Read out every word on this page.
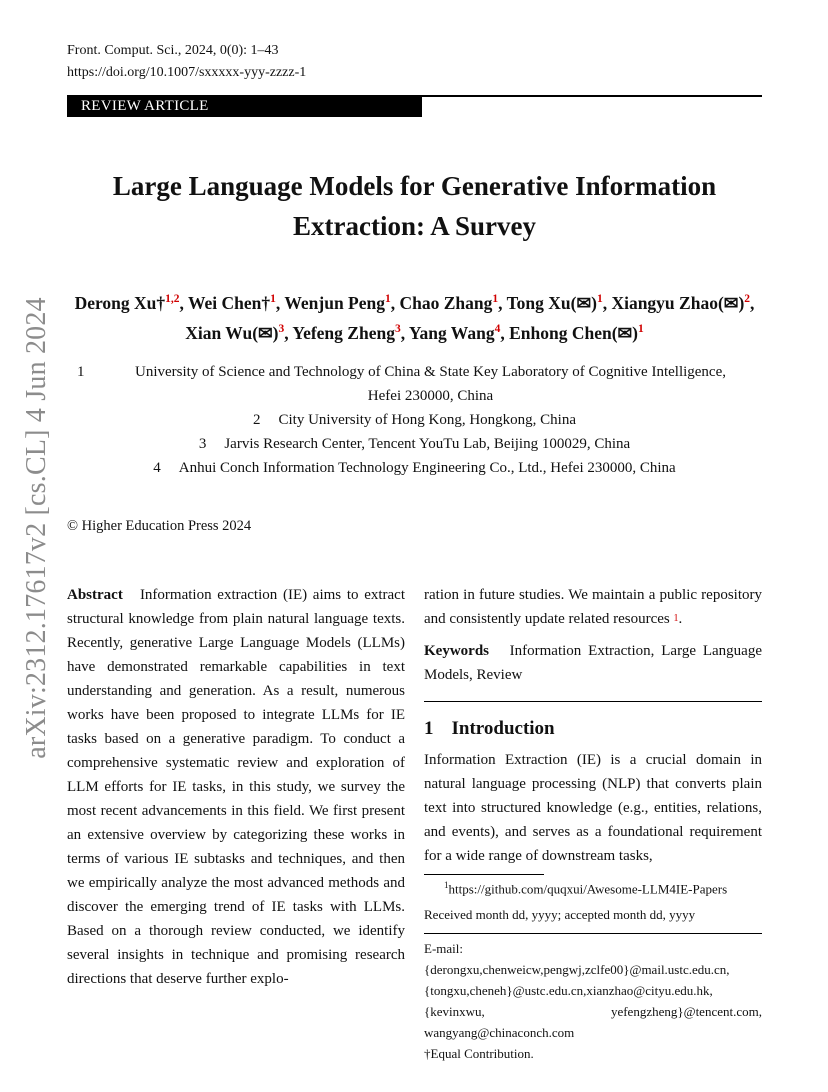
arXiv:2312.17617v2 [cs.CL] 4 Jun 2024
Front. Comput. Sci., 2024, 0(0): 1–43
https://doi.org/10.1007/sxxxxx-yyy-zzzz-1
REVIEW ARTICLE
Large Language Models for Generative Information
Extraction: A Survey
Derong Xu†$^{1,2}$, Wei Chen†$^1$, Wenjun Peng$^1$, Chao Zhang$^1$, Tong Xu(✉)$^1$, Xiangyu Zhao(✉)$^2$, Xian Wu(✉)$^3$, Yefeng Zheng$^3$, Yang Wang$^4$, Enhong Chen(✉)$^1$
1	University of Science and Technology of China & State Key Laboratory of Cognitive Intelligence,
Hefei 230000, China
2 City University of Hong Kong, Hongkong, China
3 Jarvis Research Center, Tencent YouTu Lab, Beijing 100029, China
4 Anhui Conch Information Technology Engineering Co., Ltd., Hefei 230000, China
© Higher Education Press 2024
Abstract Information extraction (IE) aims to extract structural knowledge from plain natural language texts. Recently, generative Large Language Models (LLMs) have demonstrated remarkable capabilities in text understanding and generation. As a result, numerous works have been proposed to integrate LLMs for IE tasks based on a generative paradigm. To conduct a comprehensive systematic review and exploration of LLM efforts for IE tasks, in this study, we survey the most recent advancements in this field. We first present an extensive overview by categorizing these works in terms of various IE subtasks and techniques, and then we empirically analyze the most advanced methods and discover the emerging trend of IE tasks with LLMs. Based on a thorough review conducted, we identify several insights in technique and promising research directions that deserve further explo-
ration in future studies. We maintain a public repository and consistently update related resources $^1$.
Keywords Information Extraction, Large Language Models, Review
1 Introduction
Information Extraction (IE) is a crucial domain in natural language processing (NLP) that converts plain text into structured knowledge (e.g., entities, relations, and events), and serves as a foundational requirement for a wide range of downstream tasks,
$^1$https://github.com/quqxui/Awesome-LLM4IE-Papers
Received month dd, yyyy; accepted month dd, yyyy
E-mail: {derongxu,chenweicw,pengwj,zclfe00}@mail.ustc.edu.cn,
{tongxu,cheneh}@ustc.edu.cn,xianzhao@cityu.edu.hk,
{kevinxwu,	yefengzheng}@tencent.com,
wangyang@chinaconch.com
†Equal Contribution.
